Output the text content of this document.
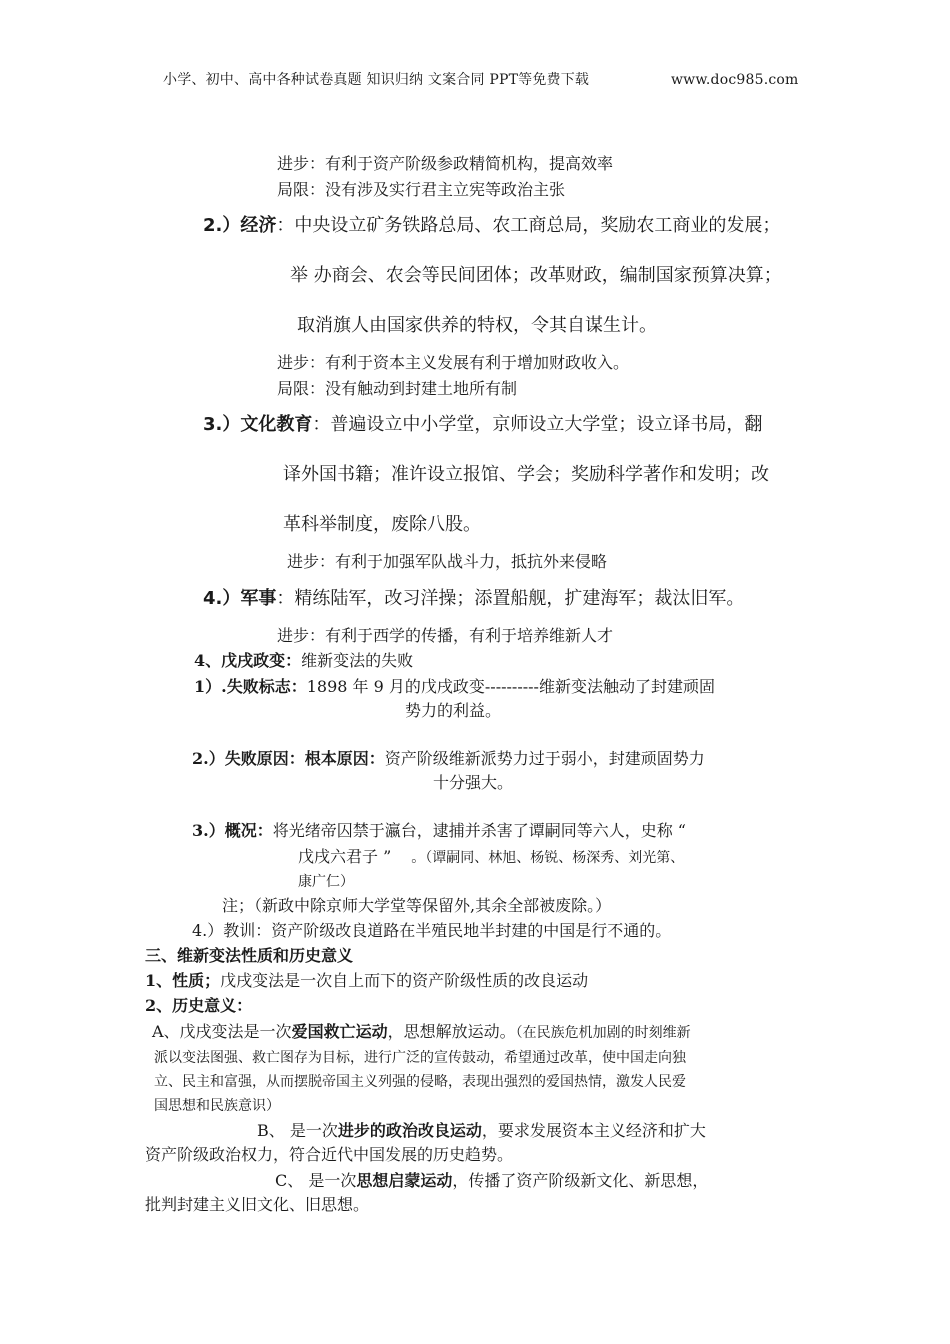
小学、初中、高中各种试卷真题 知识归纳 文案合同 PPT等免费下载	www.doc985.com
进步：有利于资产阶级参政精简机构，提高效率
局限：没有涉及实行君主立宪等政治主张
2.）经济：中央设立矿务铁路总局、农工商总局，奖励农工商业的发展；
举 办商会、农会等民间团体；改革财政，编制国家预算决算；
取消旗人由国家供养的特权，令其自谋生计。
进步：有利于资本主义发展有利于增加财政收入。
局限：没有触动到封建土地所有制
3.）文化教育：普遍设立中小学堂，京师设立大学堂；设立译书局，翻
译外国书籍；准许设立报馆、学会；奖励科学著作和发明；改
革科举制度，废除八股。
进步：有利于加强军队战斗力，抵抗外来侵略
4.）军事：精练陆军，改习洋操；添置船舰，扩建海军；裁汰旧军。
进步：有利于西学的传播，有利于培养维新人才
4、戊戌政变：维新变法的失败
1）.失败标志：1898 年 9 月的戊戌政变----------维新变法触动了封建顽固
势力的利益。
2.）失败原因：根本原因：资产阶级维新派势力过于弱小，封建顽固势力
十分强大。
3.）概况：将光绪帝囚禁于瀛台，逮捕并杀害了谭嗣同等六人，史称 “
戊戌六君子 ” 。（谭嗣同、林旭、杨锐、杨深秀、刘光第、
康广仁）
注；（新政中除京师大学堂等保留外,其余全部被废除。）
4.）教训：资产阶级改良道路在半殖民地半封建的中国是行不通的。
三、维新变法性质和历史意义
1、性质；戊戌变法是一次自上而下的资产阶级性质的改良运动
2、历史意义：
A、戊戌变法是一次爱国救亡运动，思想解放运动。（在民族危机加剧的时刻维新
派以变法图强、救亡图存为目标，进行广泛的宣传鼓动，希望通过改革，使中国走向独
立、民主和富强，从而摆脱帝国主义列强的侵略，表现出强烈的爱国热情，激发人民爱
国思想和民族意识）
B、 是一次进步的政治改良运动，要求发展资本主义经济和扩大
资产阶级政治权力，符合近代中国发展的历史趋势。
C、 是一次思想启蒙运动，传播了资产阶级新文化、新思想，
批判封建主义旧文化、旧思想。
